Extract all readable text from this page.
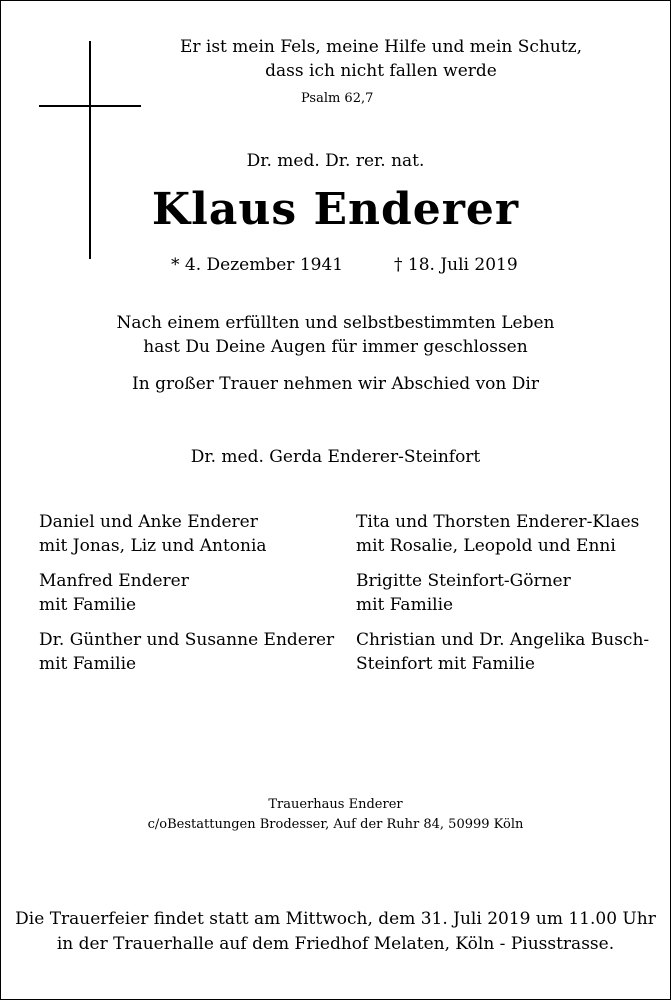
Er ist mein Fels, meine Hilfe und mein Schutz,
dass ich nicht fallen werde
Psalm 62,7
Dr. med. Dr. rer. nat.
Klaus Enderer
* 4. Dezember 1941	† 18. Juli 2019
Nach einem erfüllten und selbstbestimmten Leben
hast Du Deine Augen für immer geschlossen
In großer Trauer nehmen wir Abschied von Dir
Dr. med. Gerda Enderer-Steinfort
Daniel und Anke Enderer
mit Jonas, Liz und Antonia
Manfred Enderer
mit Familie
Dr. Günther und Susanne Enderer
mit Familie
Tita und Thorsten Enderer-Klaes
mit Rosalie, Leopold und Enni
Brigitte Steinfort-Görner
mit Familie
Christian und Dr. Angelika Busch-
Steinfort mit Familie
Trauerhaus Enderer
c/oBestattungen Brodesser, Auf der Ruhr 84, 50999 Köln
Die Trauerfeier findet statt am Mittwoch, dem 31. Juli 2019 um 11.00 Uhr
in der Trauerhalle auf dem Friedhof Melaten, Köln - Piusstrasse.
